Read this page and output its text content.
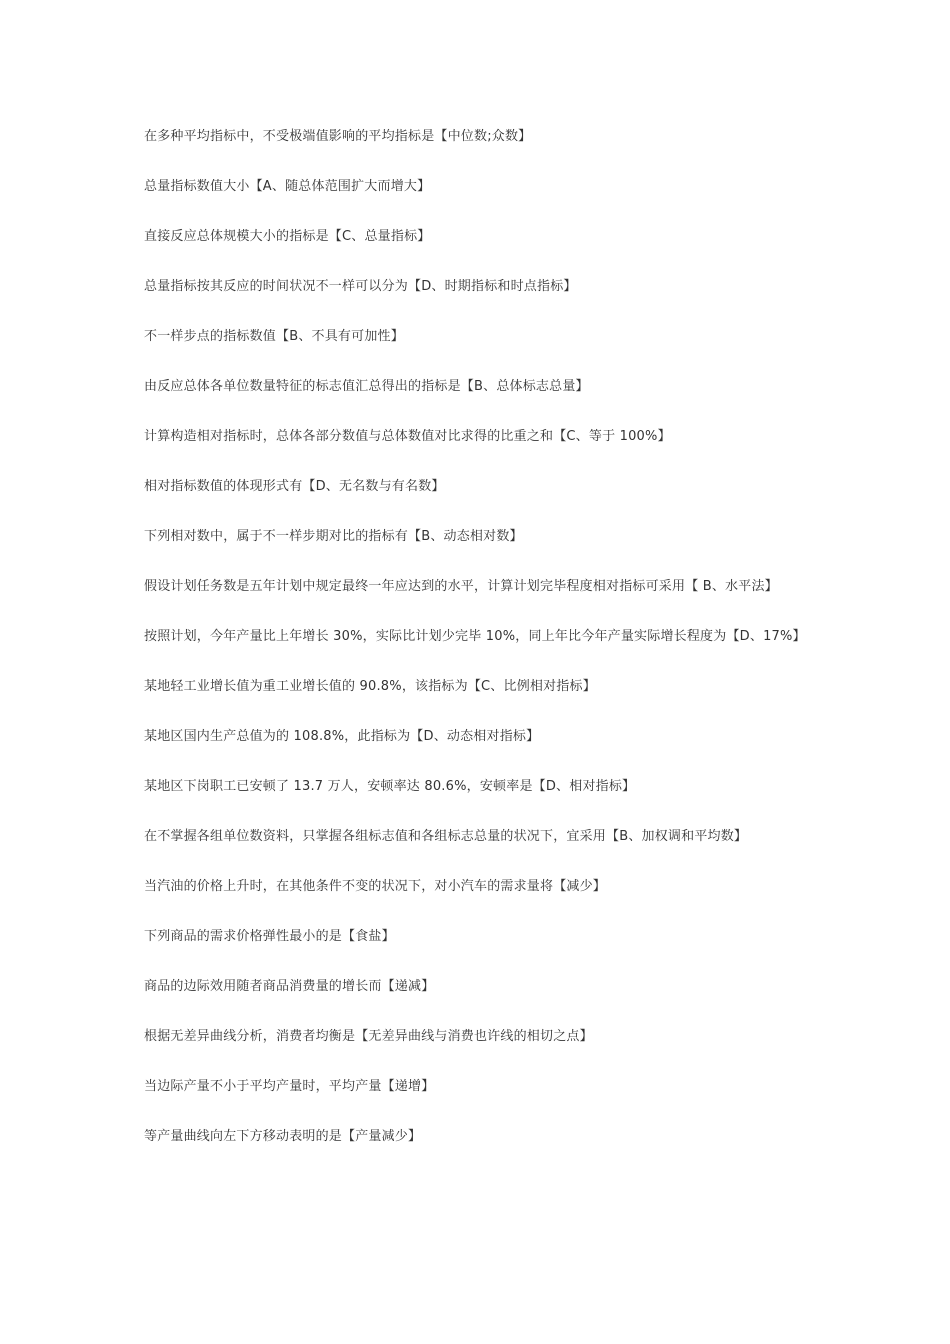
在多种平均指标中，不受极端值影响的平均指标是【中位数;众数】

总量指标数值大小【A、随总体范围扩大而增大】

直接反应总体规模大小的指标是【C、总量指标】

总量指标按其反应的时间状况不一样可以分为【D、时期指标和时点指标】

不一样步点的指标数值【B、不具有可加性】

由反应总体各单位数量特征的标志值汇总得出的指标是【B、总体标志总量】

计算构造相对指标时，总体各部分数值与总体数值对比求得的比重之和【C、等于 100%】

相对指标数值的体现形式有【D、无名数与有名数】

下列相对数中，属于不一样步期对比的指标有【B、动态相对数】

假设计划任务数是五年计划中规定最终一年应达到的水平，计算计划完毕程度相对指标可采用【 B、水平法】

按照计划，今年产量比上年增长 30%，实际比计划少完毕 10%，同上年比今年产量实际增长程度为【D、17%】

某地轻工业增长值为重工业增长值的 90.8%，该指标为【C、比例相对指标】

某地区国内生产总值为的 108.8%，此指标为【D、动态相对指标】

某地区下岗职工已安顿了 13.7 万人，安顿率达 80.6%，安顿率是【D、相对指标】

在不掌握各组单位数资料，只掌握各组标志值和各组标志总量的状况下，宜采用【B、加权调和平均数】

当汽油的价格上升时，在其他条件不变的状况下，对小汽车的需求量将【减少】

下列商品的需求价格弹性最小的是【食盐】

商品的边际效用随者商品消费量的增长而【递减】

根据无差异曲线分析，消费者均衡是【无差异曲线与消费也许线的相切之点】

当边际产量不小于平均产量时，平均产量【递增】

等产量曲线向左下方移动表明的是【产量减少】
